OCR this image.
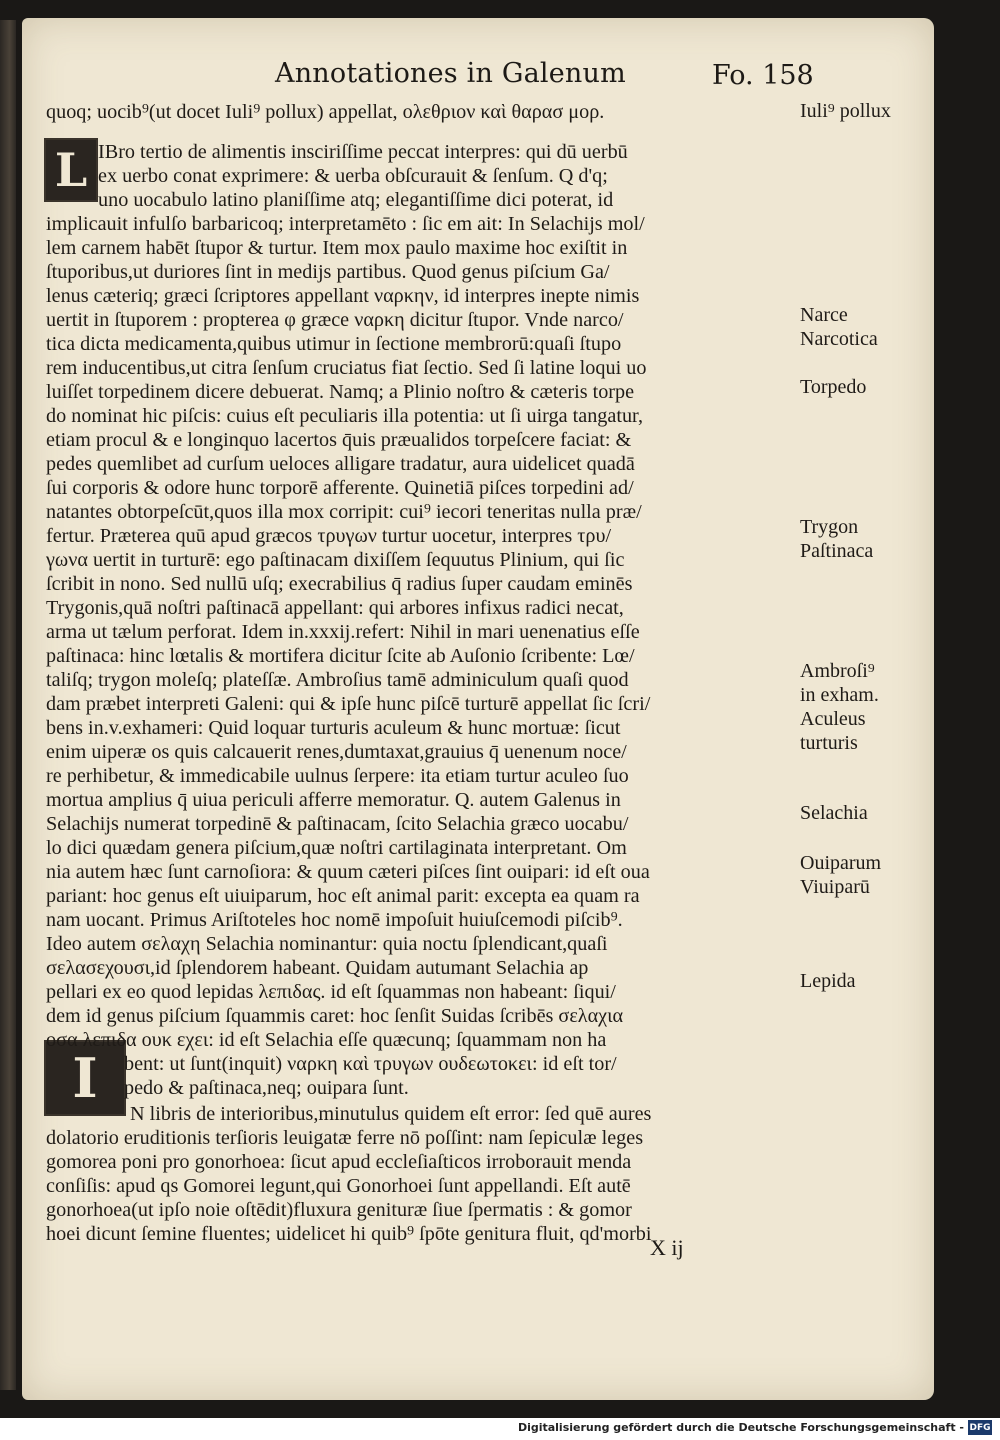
Annotationes in Galenum	Fo. 158
L
I
quoq; uocib⁹(ut docet Iuli⁹ pollux) appellat, ολεθριον καὶ θαρασ μορ.
IBro tertio de alimentis insciriſſime peccat interpres: qui dū uerbū
ex uerbo conat exprimere: & uerba obſcurauit & ſenſum. Q d'q;
uno uocabulo latino planiſſime atq; elegantiſſime dici poterat, id
implicauit infulſo barbaricoq; interpretamēto : ſic em ait: In Selachijs mol/
lem carnem habēt ſtupor & turtur. Item mox paulo maxime hoc exiſtit in
ſtuporibus,ut duriores ſint in medijs partibus. Quod genus piſcium Ga/
lenus cæteriq; græci ſcriptores appellant ναρκην, id interpres inepte nimis
uertit in ſtuporem : propterea φ græce ναρκη dicitur ſtupor. Vnde narco/
tica dicta medicamenta,quibus utimur in ſectione membrorū:quaſi ſtupo
rem inducentibus,ut citra ſenſum cruciatus fiat ſectio. Sed ſi latine loqui uo
luiſſet torpedinem dicere debuerat. Namq; a Plinio noſtro & cæteris torpe
do nominat hic piſcis: cuius eſt peculiaris illa potentia: ut ſi uirga tangatur,
etiam procul & e longinquo lacertos q̄uis præualidos torpeſcere faciat: &
pedes quemlibet ad curſum ueloces alligare tradatur, aura uidelicet quadā
ſui corporis & odore hunc torporē afferente. Quinetiā piſces torpedini ad/
natantes obtorpeſcūt,quos illa mox corripit: cui⁹ iecori teneritas nulla præ/
fertur. Præterea quū apud græcos τρυγων turtur uocetur, interpres τρυ/
γωνα uertit in turturē: ego paſtinacam dixiſſem ſequutus Plinium, qui ſic
ſcribit in nono. Sed nullū uſq; execrabilius q̄ radius ſuper caudam eminēs
Trygonis,quā noſtri paſtinacā appellant: qui arbores infixus radici necat,
arma ut tælum perforat. Idem in.xxxij.refert: Nihil in mari uenenatius eſſe
paſtinaca: hinc lœtalis & mortifera dicitur ſcite ab Auſonio ſcribente: Lœ/
taliſq; trygon moleſq; plateſſæ. Ambroſius tamē adminiculum quaſi quod
dam præbet interpreti Galeni: qui & ipſe hunc piſcē turturē appellat ſic ſcri/
bens in.v.exhameri: Quid loquar turturis aculeum & hunc mortuæ: ſicut
enim uiperæ os quis calcauerit renes,dumtaxat,grauius q̄ uenenum noce/
re perhibetur, & immedicabile uulnus ſerpere: ita etiam turtur aculeo ſuo
mortua amplius q̄ uiua periculi afferre memoratur. Q. autem Galenus in
Selachijs numerat torpedinē & paſtinacam, ſcito Selachia græco uocabu/
lo dici quædam genera piſcium,quæ noſtri cartilaginata interpretant. Om
nia autem hæc ſunt carnoſiora: & quum cæteri piſces ſint ouipari: id eſt oua
pariant: hoc genus eſt uiuiparum, hoc eſt animal parit: excepta ea quam ra
nam uocant. Primus Ariſtoteles hoc nomē impoſuit huiuſcemodi piſcib⁹.
Ideo autem σελαχη Selachia nominantur: quia noctu ſplendicant,quaſi
σελασεχουσι,id ſplendorem habeant. Quidam autumant Selachia ap
pellari ex eo quod lepidas λεπιδας. id eſt ſquammas non habeant: ſiqui/
dem id genus piſcium ſquammis caret: hoc ſenſit Suidas ſcribēs σελαχια
οσα λεπιδα ουκ εχει: id eſt Selachia eſſe quæcunq; ſquammam non ha
bent: ut ſunt(inquit) ναρκη καὶ τρυγων ουδεωτοκει: id eſt tor/
pedo & paſtinaca,neq; ouipara ſunt.
N libris de interioribus,minutulus quidem eſt error: ſed quē aures
dolatorio eruditionis terſioris leuigatæ ferre nō poſſint: nam ſepiculæ leges
gomorea poni pro gonorhoea: ſicut apud eccleſiaſticos irroborauit menda
conſiſis: apud qs Gomorei legunt,qui Gonorhoei ſunt appellandi. Eſt autē
gonorhoea(ut ipſo noie oſtēdit)fluxura genituræ ſiue ſpermatis : & gomor
hoei dicunt ſemine fluentes; uidelicet hi quib⁹ ſpōte genitura fluit, qd'morbi
Iuli⁹ pollux
Narce
Narcotica
Torpedo
Trygon
Paſtinaca
Ambroſi⁹
in exham.
Aculeus
turturis
Selachia
Ouiparum
Viuiparū
Lepida
X ij
Digitalisierung gefördert durch die Deutsche Forschungsgemeinschaft - DFG
